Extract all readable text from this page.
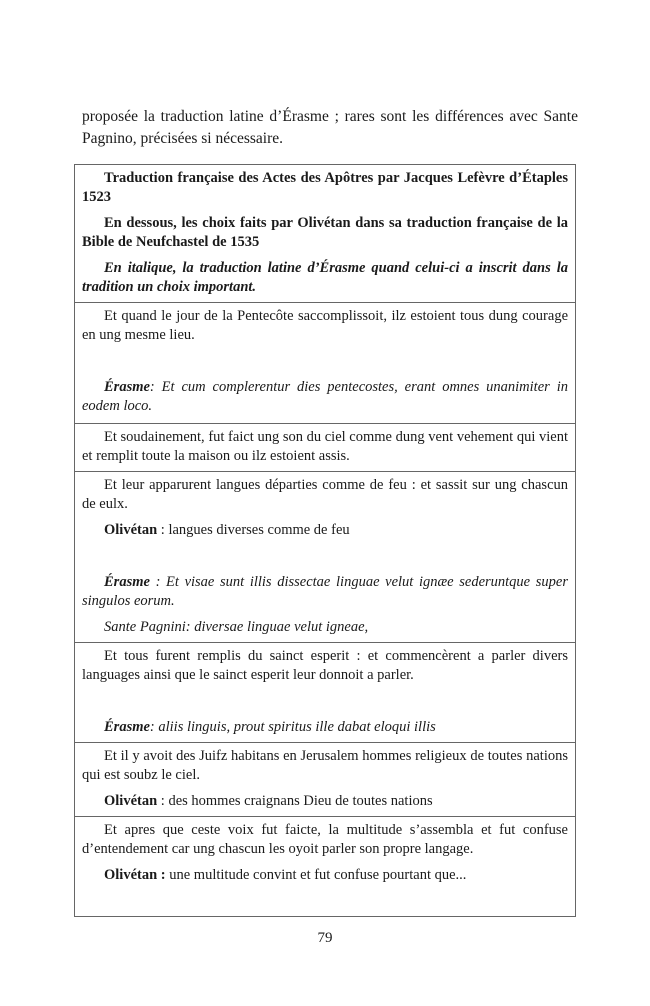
proposée la traduction latine d’Érasme ; rares sont les différences avec Sante Pagnino, précisées si nécessaire.

Traduction française des Actes des Apôtres par Jacques Lefèvre d’Étaples 1523

En dessous, les choix faits par Olivétan dans sa traduction française de la Bible de Neufchastel de 1535

En italique, la traduction latine d’Érasme quand celui-ci a inscrit dans la tradition un choix important.

Et quand le jour de la Pentecôte saccomplissoit, ilz estoient tous dung courage en ung mesme lieu.

Érasme: Et cum complerentur dies pentecostes, erant omnes unanimiter in eodem loco.

Et soudainement, fut faict ung son du ciel comme dung vent vehement qui vient et remplit toute la maison ou ilz estoient assis.

Et leur apparurent langues départies comme de feu : et sassit sur ung chascun de eulx.

Olivétan : langues diverses comme de feu

Érasme : Et visae sunt illis dissectae linguae velut ignæe sederuntque super singulos eorum.

Sante Pagnini: diversae linguae velut igneae,

Et tous furent remplis du sainct esperit : et commencèrent a parler divers languages ainsi que le sainct esperit leur donnoit a parler.

Érasme: aliis linguis, prout spiritus ille dabat eloqui illis

Et il y avoit des Juifz habitans en Jerusalem hommes religieux de toutes nations qui est soubz le ciel.

Olivétan : des hommes craignans Dieu de toutes nations

Et apres que ceste voix fut faicte, la multitude s’assembla et fut confuse d’entendement car ung chascun les oyoit parler son propre langage.

Olivétan : une multitude convint et fut confuse pourtant que...

79
